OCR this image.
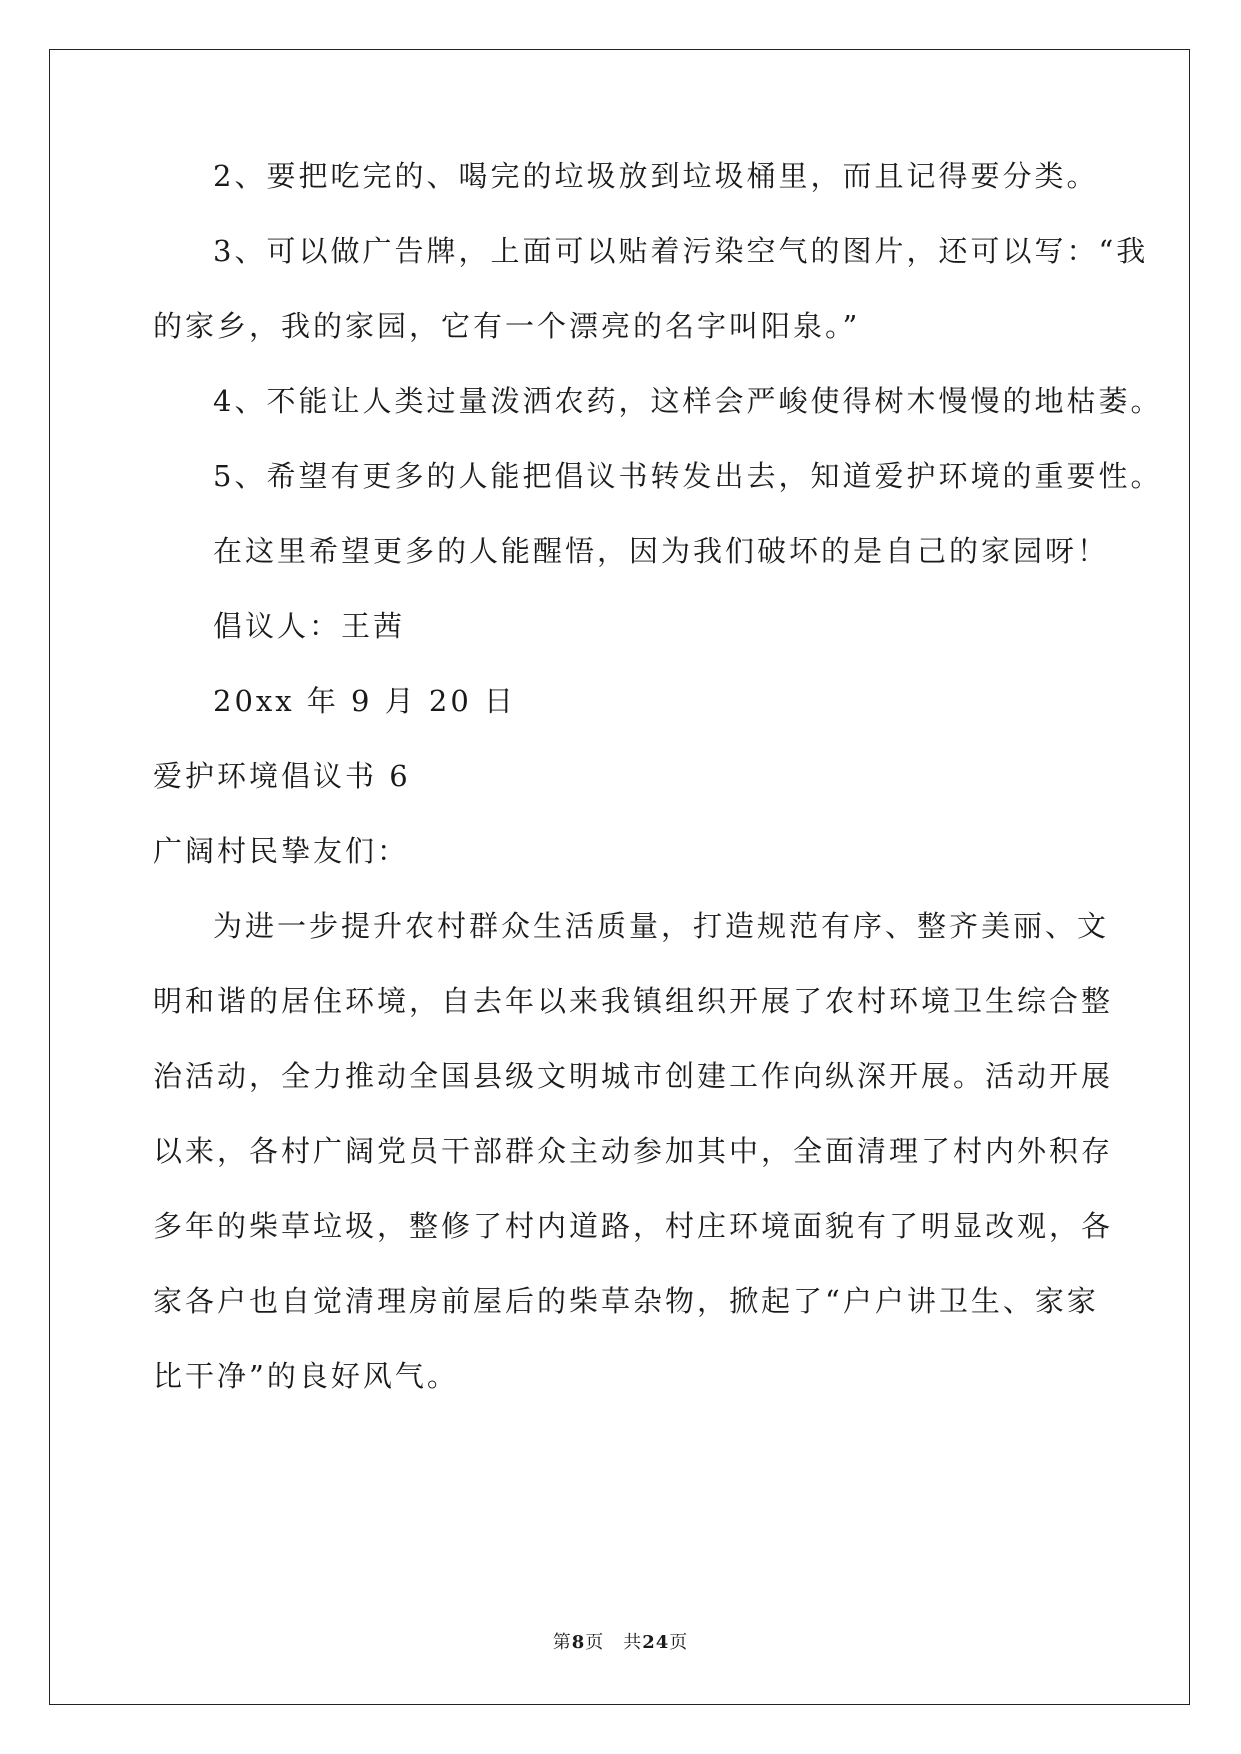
2、要把吃完的、喝完的垃圾放到垃圾桶里，而且记得要分类。
3、可以做广告牌，上面可以贴着污染空气的图片，还可以写：“我
的家乡，我的家园，它有一个漂亮的名字叫阳泉。”
4、不能让人类过量泼洒农药，这样会严峻使得树木慢慢的地枯萎。
5、希望有更多的人能把倡议书转发出去，知道爱护环境的重要性。
在这里希望更多的人能醒悟，因为我们破坏的是自己的家园呀！
倡议人：王茜
20xx 年 9 月 20 日
爱护环境倡议书 6
广阔村民挚友们：
为进一步提升农村群众生活质量，打造规范有序、整齐美丽、文
明和谐的居住环境，自去年以来我镇组织开展了农村环境卫生综合整
治活动，全力推动全国县级文明城市创建工作向纵深开展。活动开展
以来，各村广阔党员干部群众主动参加其中，全面清理了村内外积存
多年的柴草垃圾，整修了村内道路，村庄环境面貌有了明显改观，各
家各户也自觉清理房前屋后的柴草杂物，掀起了“户户讲卫生、家家
比干净”的良好风气。
第8页　共24页
